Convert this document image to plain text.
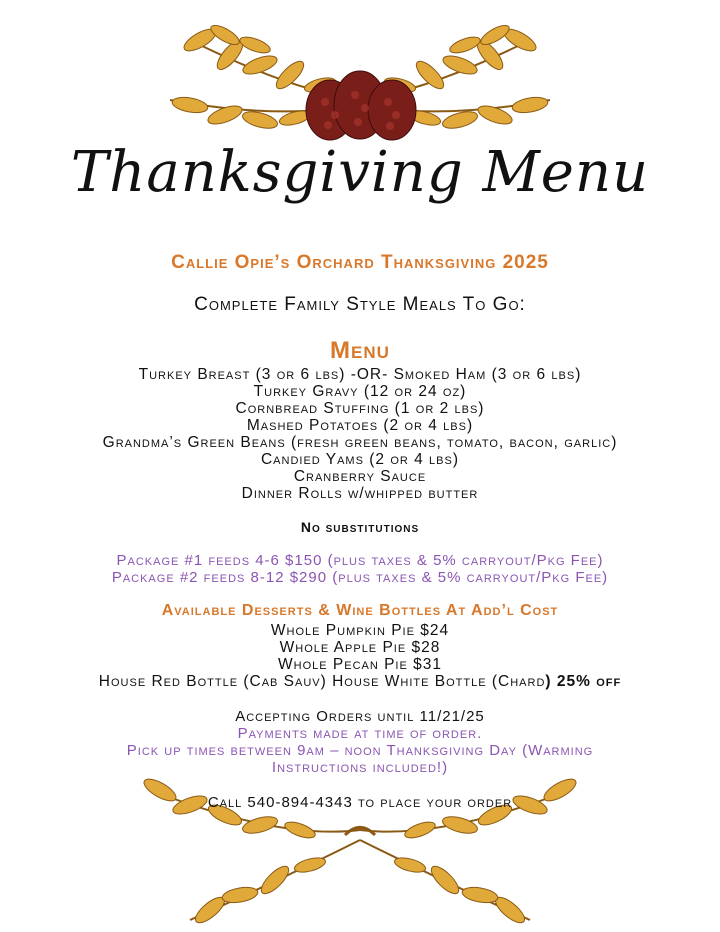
Thanksgiving Menu
Callie Opie’s Orchard Thanksgiving 2025
Complete Family Style Meals To Go:
Menu
Turkey Breast (3 or 6 lbs) -OR- Smoked Ham (3 or 6 lbs)
Turkey Gravy (12 or 24 oz)
Cornbread Stuffing (1 or 2 lbs)
Mashed Potatoes (2 or 4 lbs)
Grandma’s Green Beans (fresh green beans, tomato, bacon, garlic)
Candied Yams (2 or 4 lbs)
Cranberry Sauce
Dinner Rolls w/whipped butter
No substitutions
Package #1 feeds 4-6 $150 (plus taxes & 5% carryout/Pkg Fee)
Package #2 feeds 8-12 $290 (plus taxes & 5% carryout/Pkg Fee)
Available Desserts & Wine Bottles At Add’l Cost
Whole Pumpkin Pie $24
Whole Apple Pie $28
Whole Pecan Pie $31
House Red Bottle (Cab Sauv) House White Bottle (Chard) 25% off
Accepting Orders until 11/21/25
Payments made at time of order.
Pick up times between 9am – noon Thanksgiving Day (Warming
Instructions included!)
Call 540-894-4343 to place your order
